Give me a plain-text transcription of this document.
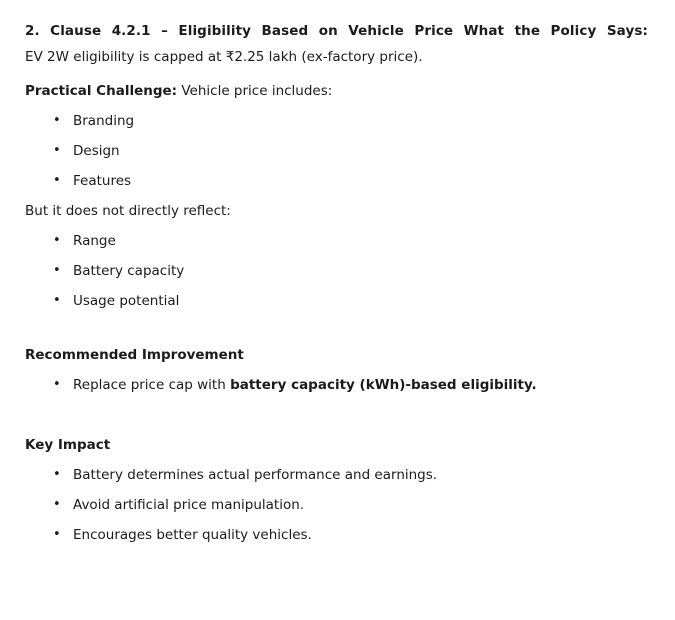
2. Clause 4.2.1 – Eligibility Based on Vehicle Price What the Policy Says:
EV 2W eligibility is capped at ₹2.25 lakh (ex-factory price).
Practical Challenge: Vehicle price includes:
• Branding
• Design
• Features
But it does not directly reflect:
• Range
• Battery capacity
• Usage potential
Recommended Improvement
• Replace price cap with battery capacity (kWh)-based eligibility.
Key Impact
• Battery determines actual performance and earnings.
• Avoid artificial price manipulation.
• Encourages better quality vehicles.
